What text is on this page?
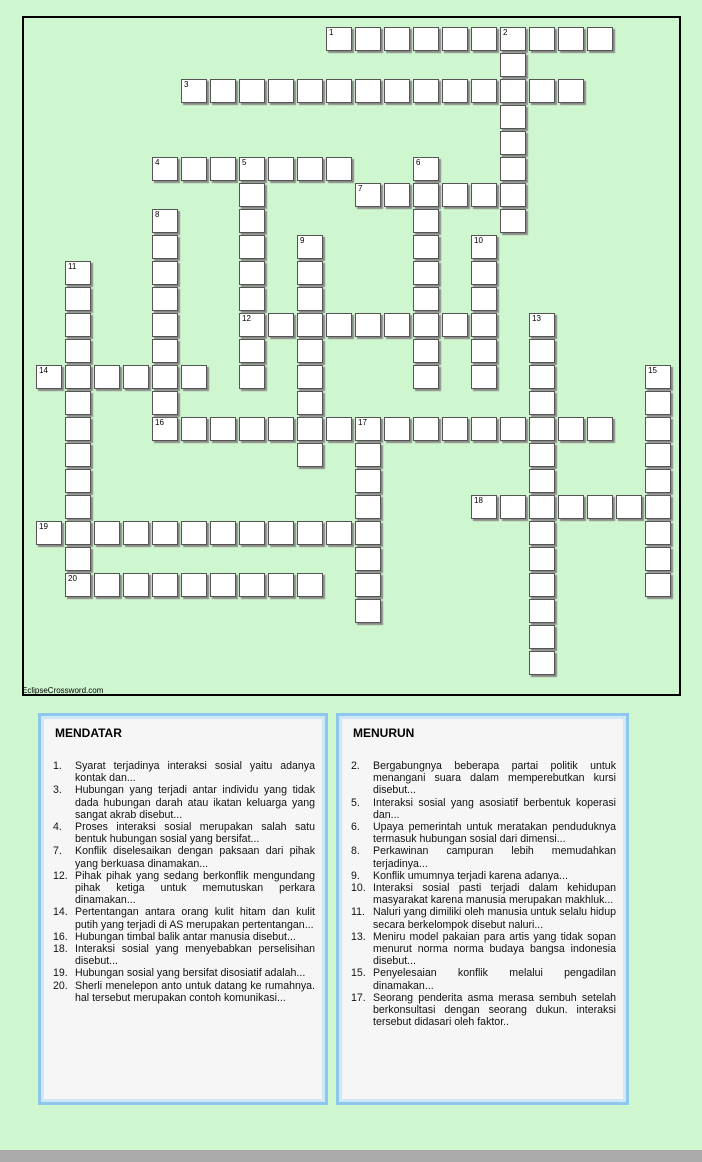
EclipseCrossword.com
1	2
3
4	5
7
12
14
16	17
18
19
20
6
8
9	10
11
13
15
MENDATAR
1.	Syarat terjadinya interaksi sosial yaitu adanya kontak dan...
3.	Hubungan yang terjadi antar individu yang tidak dada hubungan darah atau ikatan keluarga yang sangat akrab disebut...
4.	Proses interaksi sosial merupakan salah satu bentuk hubungan sosial yang bersifat...
7.	Konflik diselesaikan dengan paksaan dari pihak yang berkuasa dinamakan...
12. Pihak pihak yang sedang berkonflik mengundang pihak ketiga untuk memutuskan perkara dinamakan...
14. Pertentangan antara orang kulit hitam dan kulit putih yang terjadi di AS merupakan pertentangan...
16. Hubungan timbal balik antar manusia disebut...
18. Interaksi sosial yang menyebabkan perselisihan disebut...
19. Hubungan sosial yang bersifat disosiatif adalah...
20. Sherli menelepon anto untuk datang ke rumahnya. hal tersebut merupakan contoh komunikasi...
MENURUN
2.	Bergabungnya beberapa partai politik untuk menangani suara dalam memperebutkan kursi disebut...
5.	Interaksi sosial yang asosiatif berbentuk koperasi dan...
6.	Upaya pemerintah untuk meratakan penduduknya termasuk hubungan sosial dari dimensi...
8.	Perkawinan campuran lebih memudahkan terjadinya...
9.	Konflik umumnya terjadi karena adanya...
10. Interaksi sosial pasti terjadi dalam kehidupan masyarakat karena manusia merupakan makhluk...
11. Naluri yang dimiliki oleh manusia untuk selalu hidup secara berkelompok disebut naluri...
13. Meniru model pakaian para artis yang tidak sopan menurut norma norma budaya bangsa indonesia disebut...
15. Penyelesaian konflik melalui pengadilan dinamakan...
17. Seorang penderita asma merasa sembuh setelah berkonsultasi dengan seorang dukun. interaksi tersebut didasari oleh faktor..
